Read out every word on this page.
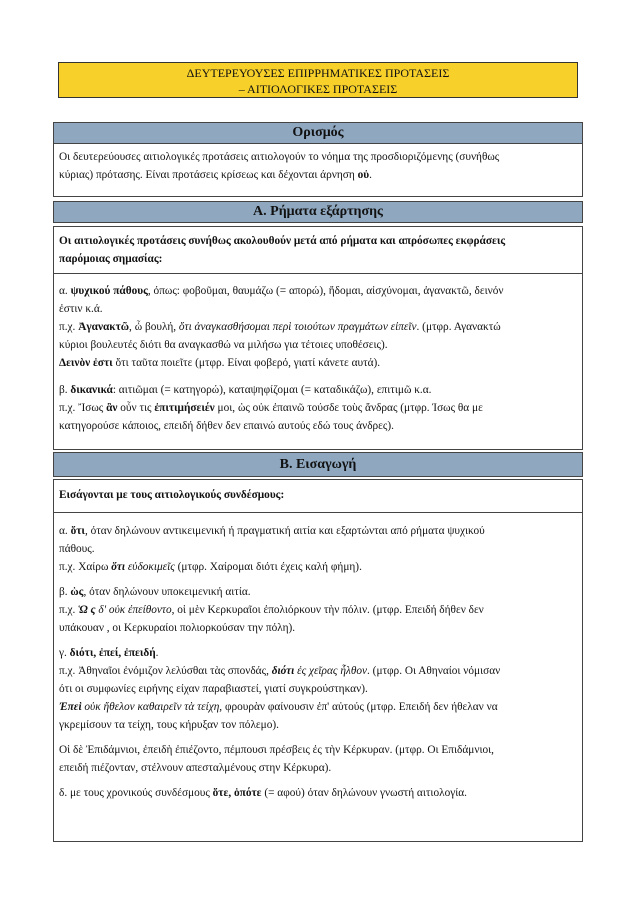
ΔΕΥΤΕΡΕΥΟΥΣΕΣ ΕΠΙΡΡΗΜΑΤΙΚΕΣ ΠΡΟΤΑΣΕΙΣ
– ΑΙΤΙΟΛΟΓΙΚΕΣ ΠΡΟΤΑΣΕΙΣ
Ορισμός

Οι δευτερεύουσες αιτιολογικές προτάσεις αιτιολογούν το νόημα της προσδιοριζόμενης (συνήθως

κύριας) πρότασης. Είναι προτάσεις κρίσεως και δέχονται άρνηση οὐ.

Α. Ρήματα εξάρτησης

Οι αιτιολογικές προτάσεις συνήθως ακολουθούν μετά από ρήματα και απρόσωπες εκφράσεις

παρόμοιας σημασίας:

α. ψυχικού πάθους, όπως: φοβοῦμαι, θαυμάζω (= απορώ), ἥδομαι, αἰσχύνομαι, ἀγανακτῶ, δεινόν

ἐστιν κ.ά.

π.χ. Ἀγανακτῶ, ὦ βουλή, ὅτι ἀναγκασθήσομαι περὶ τοιούτων πραγμάτων εἰπεῖν. (μτφρ. Αγανακτώ

κύριοι βουλευτές διότι θα αναγκασθώ να μιλήσω για τέτοιες υποθέσεις).

Δεινὸν ἐστι ὅτι ταῦτα ποιεῖτε (μτφρ. Είναι φοβερό, γιατί κάνετε αυτά).

β. δικανικά: αιτιῶμαι (= κατηγορώ), καταψηφίζομαι (= καταδικάζω), επιτιμῶ κ.α.

π.χ. Ἴσως ἂν οὖν τις ἐπιτιμήσειέν μοι, ὡς οὐκ ἐπαινῶ τούσδε τοὺς ἄνδρας (μτφρ. Ίσως θα με

κατηγορούσε κάποιος, επειδή δήθεν δεν επαινώ αυτούς εδώ τους άνδρες).

Β. Εισαγωγή

Εισάγονται με τους αιτιολογικούς συνδέσμους:

α. ὅτι, όταν δηλώνουν αντικειμενική ή πραγματική αιτία και εξαρτώνται από ρήματα ψυχικού

πάθους.

π.χ. Χαίρω ὅτι εὐδοκιμεῖς (μτφρ. Χαίρομαι διότι έχεις καλή φήμη).

β. ὡς, όταν δηλώνουν υποκειμενική αιτία.

π.χ. Ὡ ς δ' οὐκ ἐπείθοντο, οἱ μὲν Κερκυραῖοι ἐπολιόρκουν τὴν πόλιν. (μτφρ. Επειδή δήθεν δεν

υπάκουαν , οι Κερκυραίοι πολιορκούσαν την πόλη).

γ. διότι, ἐπεί, ἐπειδή.

π.χ. Ἀθηναῖοι ἐνόμιζον λελύσθαι τὰς σπονδάς, διότι ἐς χεῖρας ἦλθον. (μτφρ. Οι Αθηναίοι νόμισαν

ότι οι συμφωνίες ειρήνης είχαν παραβιαστεί, γιατί συγκρούστηκαν).

Ἐπεὶ οὐκ ἤθελον καθαιρεῖν τὰ τείχη, φρουρὰν φαίνουσιν ἐπ' αὐτούς (μτφρ. Επειδή δεν ήθελαν να

γκρεμίσουν τα τείχη, τους κήρυξαν τον πόλεμο).

Οἱ δὲ Ἐπιδάμνιοι, ἐπειδὴ ἐπιέζοντο, πέμπουσι πρέσβεις ἐς τὴν Κέρκυραν. (μτφρ. Οι Επιδάμνιοι,

επειδή πιέζονταν, στέλνουν απεσταλμένους στην Κέρκυρα).

δ. με τους χρονικούς συνδέσμους ὅτε, ὁπότε (= αφού) όταν δηλώνουν γνωστή αιτιολογία.
